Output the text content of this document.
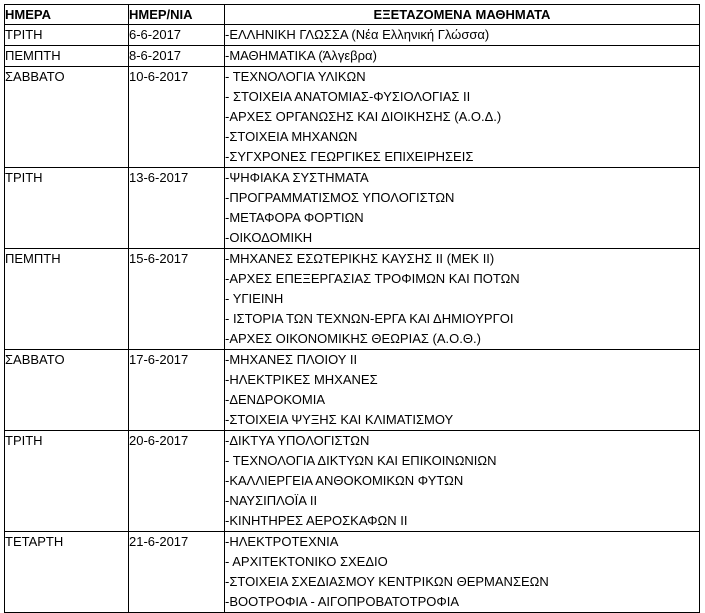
ΗΜΕΡΑ	ΗΜΕΡ/ΝΙΑ	ΕΞΕΤΑΖΟΜΕΝΑ ΜΑΘΗΜΑΤΑ
ΤΡΙΤΗ	6-6-2017	-ΕΛΛΗΝΙΚΗ ΓΛΩΣΣΑ (Νέα Ελληνική Γλώσσα)

ΠΕΜΠΤΗ	8-6-2017	-ΜΑΘΗΜΑΤΙΚΑ (Άλγεβρα)

ΣΑΒΒΑΤΟ	10-6-2017	- ΤΕΧΝΟΛΟΓΙΑ ΥΛΙΚΩΝ
- ΣΤΟΙΧΕΙΑ ΑΝΑΤΟΜΙΑΣ-ΦΥΣΙΟΛΟΓΙΑΣ ΙΙ
-ΑΡΧΕΣ ΟΡΓΑΝΩΣΗΣ ΚΑΙ ΔΙΟΙΚΗΣΗΣ (Α.Ο.Δ.)
-ΣΤΟΙΧΕΙΑ ΜΗΧΑΝΩΝ
-ΣΥΓΧΡΟΝΕΣ ΓΕΩΡΓΙΚΕΣ ΕΠΙΧΕΙΡΗΣΕΙΣ

ΤΡΙΤΗ	13-6-2017	-ΨΗΦΙΑΚΑ ΣΥΣΤΗΜΑΤΑ
-ΠΡΟΓΡΑΜΜΑΤΙΣΜΟΣ ΥΠΟΛΟΓΙΣΤΩΝ
-ΜΕΤΑΦΟΡΑ ΦΟΡΤΙΩΝ
-ΟΙΚΟΔΟΜΙΚΗ

ΠΕΜΠΤΗ	15-6-2017	-ΜΗΧΑΝΕΣ ΕΣΩΤΕΡΙΚΗΣ ΚΑΥΣΗΣ ΙΙ (ΜΕΚ ΙΙ)
-ΑΡΧΕΣ ΕΠΕΞΕΡΓΑΣΙΑΣ ΤΡΟΦΙΜΩΝ ΚΑΙ ΠΟΤΩΝ
- ΥΓΙΕΙΝΗ
- ΙΣΤΟΡΙΑ ΤΩΝ ΤΕΧΝΩΝ-ΕΡΓΑ ΚΑΙ ΔΗΜΙΟΥΡΓΟΙ
-ΑΡΧΕΣ ΟΙΚΟΝΟΜΙΚΗΣ ΘΕΩΡΙΑΣ (Α.Ο.Θ.)

ΣΑΒΒΑΤΟ	17-6-2017	-ΜΗΧΑΝΕΣ ΠΛΟΙΟΥ ΙΙ
-ΗΛΕΚΤΡΙΚΕΣ ΜΗΧΑΝΕΣ
-ΔΕΝΔΡΟΚΟΜΙΑ
-ΣΤΟΙΧΕΙΑ ΨΥΞΗΣ ΚΑΙ ΚΛΙΜΑΤΙΣΜΟΥ

ΤΡΙΤΗ	20-6-2017	-ΔΙΚΤΥΑ ΥΠΟΛΟΓΙΣΤΩΝ
- ΤΕΧΝΟΛΟΓΙΑ ΔΙΚΤΥΩΝ ΚΑΙ ΕΠΙΚΟΙΝΩΝΙΩΝ
-ΚΑΛΛΙΕΡΓΕΙΑ ΑΝΘΟΚΟΜΙΚΩΝ ΦΥΤΩΝ
-ΝΑΥΣΙΠΛΟΪΑ ΙΙ
-ΚΙΝΗΤΗΡΕΣ ΑΕΡΟΣΚΑΦΩΝ ΙΙ

ΤΕΤΑΡΤΗ	21-6-2017	-ΗΛΕΚΤΡΟΤΕΧΝΙΑ
- ΑΡΧΙΤΕΚΤΟΝΙΚΟ ΣΧΕΔΙΟ
-ΣΤΟΙΧΕΙΑ ΣΧΕΔΙΑΣΜΟΥ ΚΕΝΤΡΙΚΩΝ ΘΕΡΜΑΝΣΕΩΝ
-ΒΟΟΤΡΟΦΙΑ - ΑΙΓΟΠΡΟΒΑΤΟΤΡΟΦΙΑ
